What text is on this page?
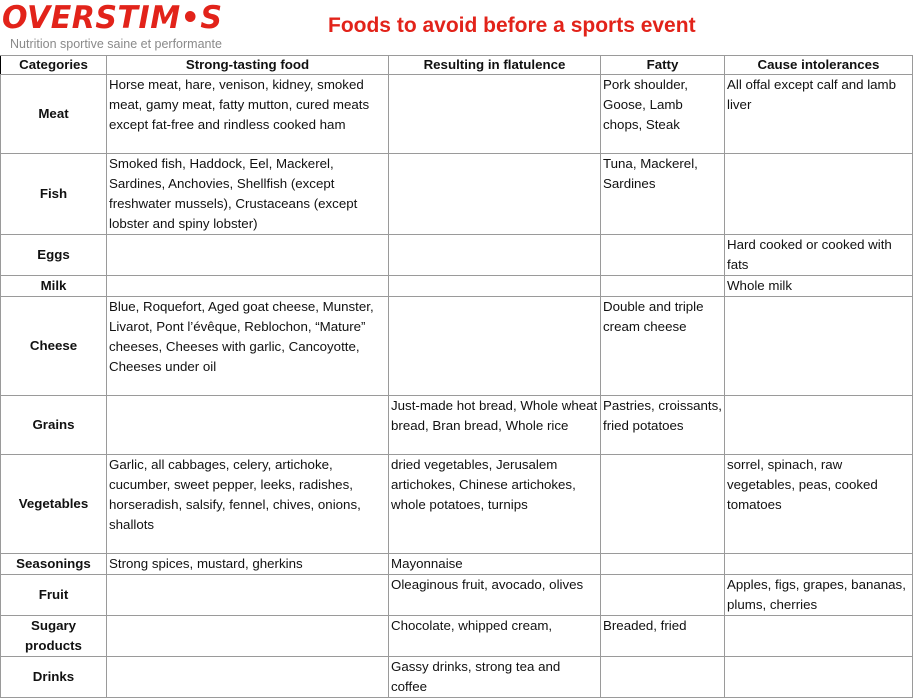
OVERSTIM•S
Nutrition sportive saine et performante
Foods to avoid before a sports event
Categories	Strong-tasting food	Resulting in flatulence	Fatty	Cause intolerances
Meat	Horse meat, hare, venison, kidney, smoked meat, gamy meat, fatty mutton, cured meats except fat-free and rindless cooked ham		Pork shoulder, Goose, Lamb chops, Steak	All offal except calf and lamb liver
Fish	Smoked fish, Haddock, Eel, Mackerel, Sardines, Anchovies, Shellfish (except freshwater mussels), Crustaceans (except lobster and spiny lobster)		Tuna, Mackerel, Sardines	
Eggs				Hard cooked or cooked with fats
Milk				Whole milk
Cheese	Blue, Roquefort, Aged goat cheese, Munster, Livarot, Pont l’évêque, Reblochon, “Mature” cheeses, Cheeses with garlic, Cancoyotte, Cheeses under oil		Double and triple cream cheese	
Grains		Just-made hot bread, Whole wheat bread, Bran bread, Whole rice	Pastries, croissants, fried potatoes	
Vegetables	Garlic, all cabbages, celery, artichoke, cucumber, sweet pepper, leeks, radishes, horseradish, salsify, fennel, chives, onions, shallots	dried vegetables, Jerusalem artichokes, Chinese artichokes, whole potatoes, turnips		sorrel, spinach, raw vegetables, peas, cooked tomatoes
Seasonings	Strong spices, mustard, gherkins	Mayonnaise		
Fruit		Oleaginous fruit, avocado, olives		Apples, figs, grapes, bananas, plums, cherries
Sugary products		Chocolate, whipped cream,	Breaded, fried	
Drinks		Gassy drinks, strong tea and coffee		
